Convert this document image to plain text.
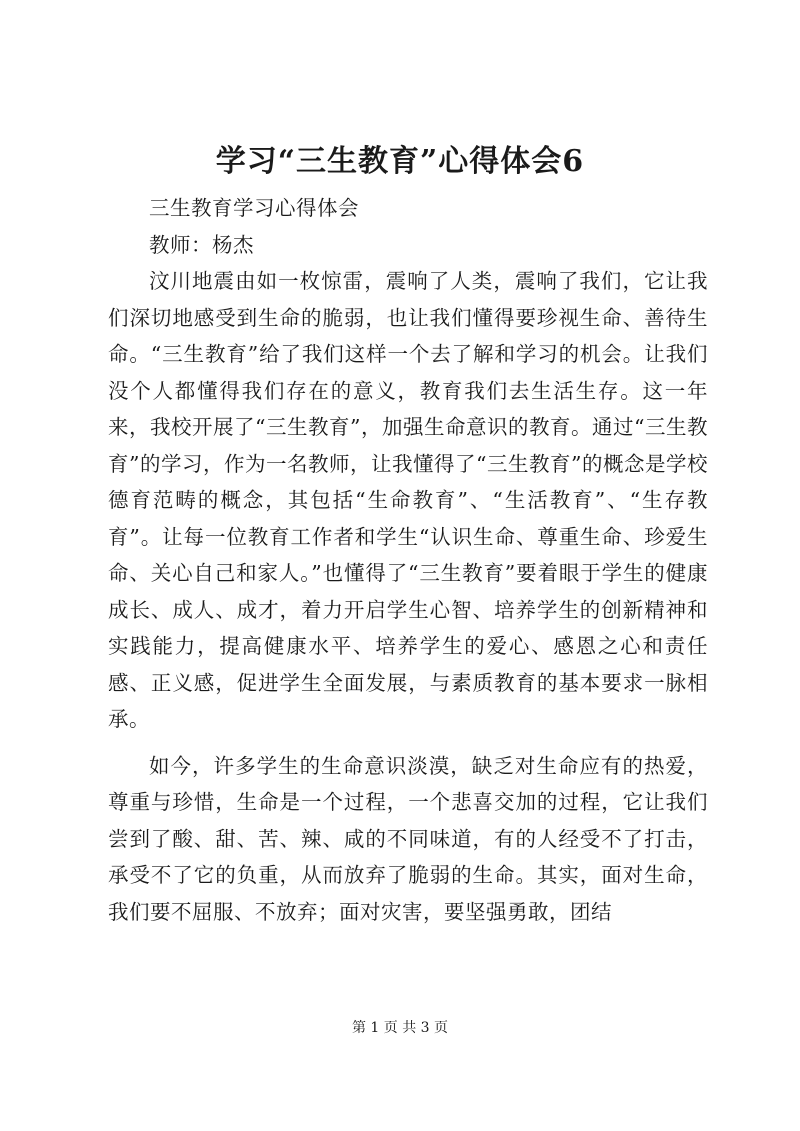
学习“三生教育”心得体会6

三生教育学习心得体会

教师：杨杰

汶川地震由如一枚惊雷，震响了人类，震响了我们，它让我们深切地感受到生命的脆弱，也让我们懂得要珍视生命、善待生命。“三生教育”给了我们这样一个去了解和学习的机会。让我们没个人都懂得我们存在的意义，教育我们去生活生存。这一年来，我校开展了“三生教育”，加强生命意识的教育。通过“三生教育”的学习，作为一名教师，让我懂得了“三生教育”的概念是学校德育范畴的概念，其包括“生命教育”、“生活教育”、“生存教育”。让每一位教育工作者和学生“认识生命、尊重生命、珍爱生命、关心自己和家人。”也懂得了“三生教育”要着眼于学生的健康成长、成人、成才，着力开启学生心智、培养学生的创新精神和实践能力，提高健康水平、培养学生的爱心、感恩之心和责任感、正义感，促进学生全面发展，与素质教育的基本要求一脉相承。

如今，许多学生的生命意识淡漠，缺乏对生命应有的热爱，尊重与珍惜，生命是一个过程，一个悲喜交加的过程，它让我们尝到了酸、甜、苦、辣、咸的不同味道，有的人经受不了打击，承受不了它的负重，从而放弃了脆弱的生命。其实，面对生命，我们要不屈服、不放弃；面对灾害，要坚强勇敢，团结

第 1 页 共 3 页
